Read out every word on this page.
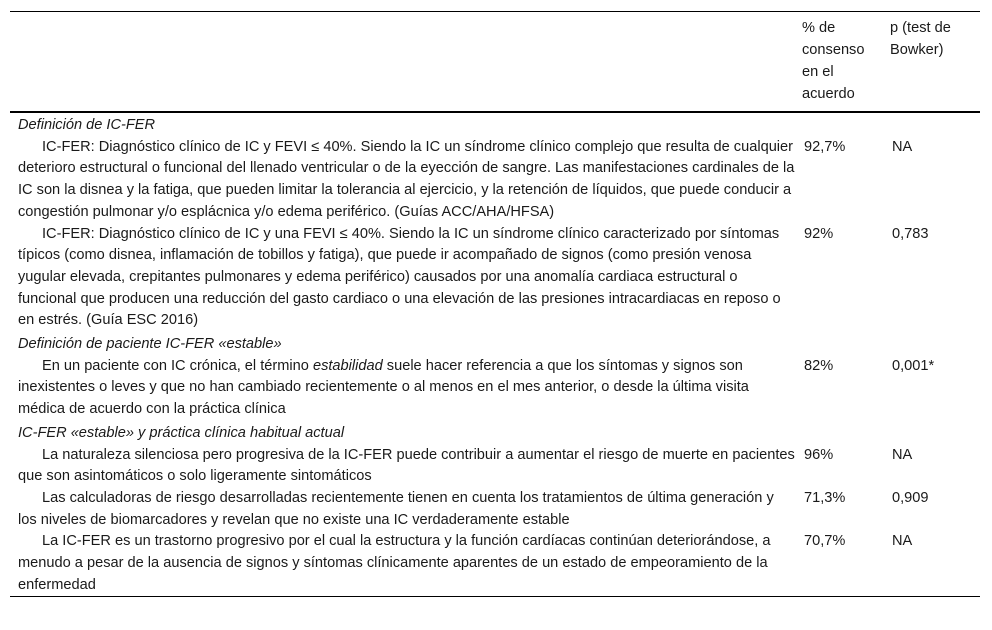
	% de consenso en el acuerdo	p (test de Bowker)
Definición de IC-FER		
IC-FER: Diagnóstico clínico de IC y FEVI ≤ 40%. Siendo la IC un síndrome clínico complejo que resulta de cualquier deterioro estructural o funcional del llenado ventricular o de la eyección de sangre. Las manifestaciones cardinales de la IC son la disnea y la fatiga, que pueden limitar la tolerancia al ejercicio, y la retención de líquidos, que puede conducir a congestión pulmonar y/o esplácnica y/o edema periférico. (Guías ACC/AHA/HFSA)	92,7%	NA
IC-FER: Diagnóstico clínico de IC y una FEVI ≤ 40%. Siendo la IC un síndrome clínico caracterizado por síntomas típicos (como disnea, inflamación de tobillos y fatiga), que puede ir acompañado de signos (como presión venosa yugular elevada, crepitantes pulmonares y edema periférico) causados por una anomalía cardiaca estructural o funcional que producen una reducción del gasto cardiaco o una elevación de las presiones intracardiacas en reposo o en estrés. (Guía ESC 2016)	92%	0,783
Definición de paciente IC-FER «estable»		
En un paciente con IC crónica, el término estabilidad suele hacer referencia a que los síntomas y signos son inexistentes o leves y que no han cambiado recientemente o al menos en el mes anterior, o desde la última visita médica de acuerdo con la práctica clínica	82%	0,001*
IC-FER «estable» y práctica clínica habitual actual		
La naturaleza silenciosa pero progresiva de la IC-FER puede contribuir a aumentar el riesgo de muerte en pacientes que son asintomáticos o solo ligeramente sintomáticos	96%	NA
Las calculadoras de riesgo desarrolladas recientemente tienen en cuenta los tratamientos de última generación y los niveles de biomarcadores y revelan que no existe una IC verdaderamente estable	71,3%	0,909
La IC-FER es un trastorno progresivo por el cual la estructura y la función cardíacas continúan deteriorándose, a menudo a pesar de la ausencia de signos y síntomas clínicamente aparentes de un estado de empeoramiento de la enfermedad	70,7%	NA
